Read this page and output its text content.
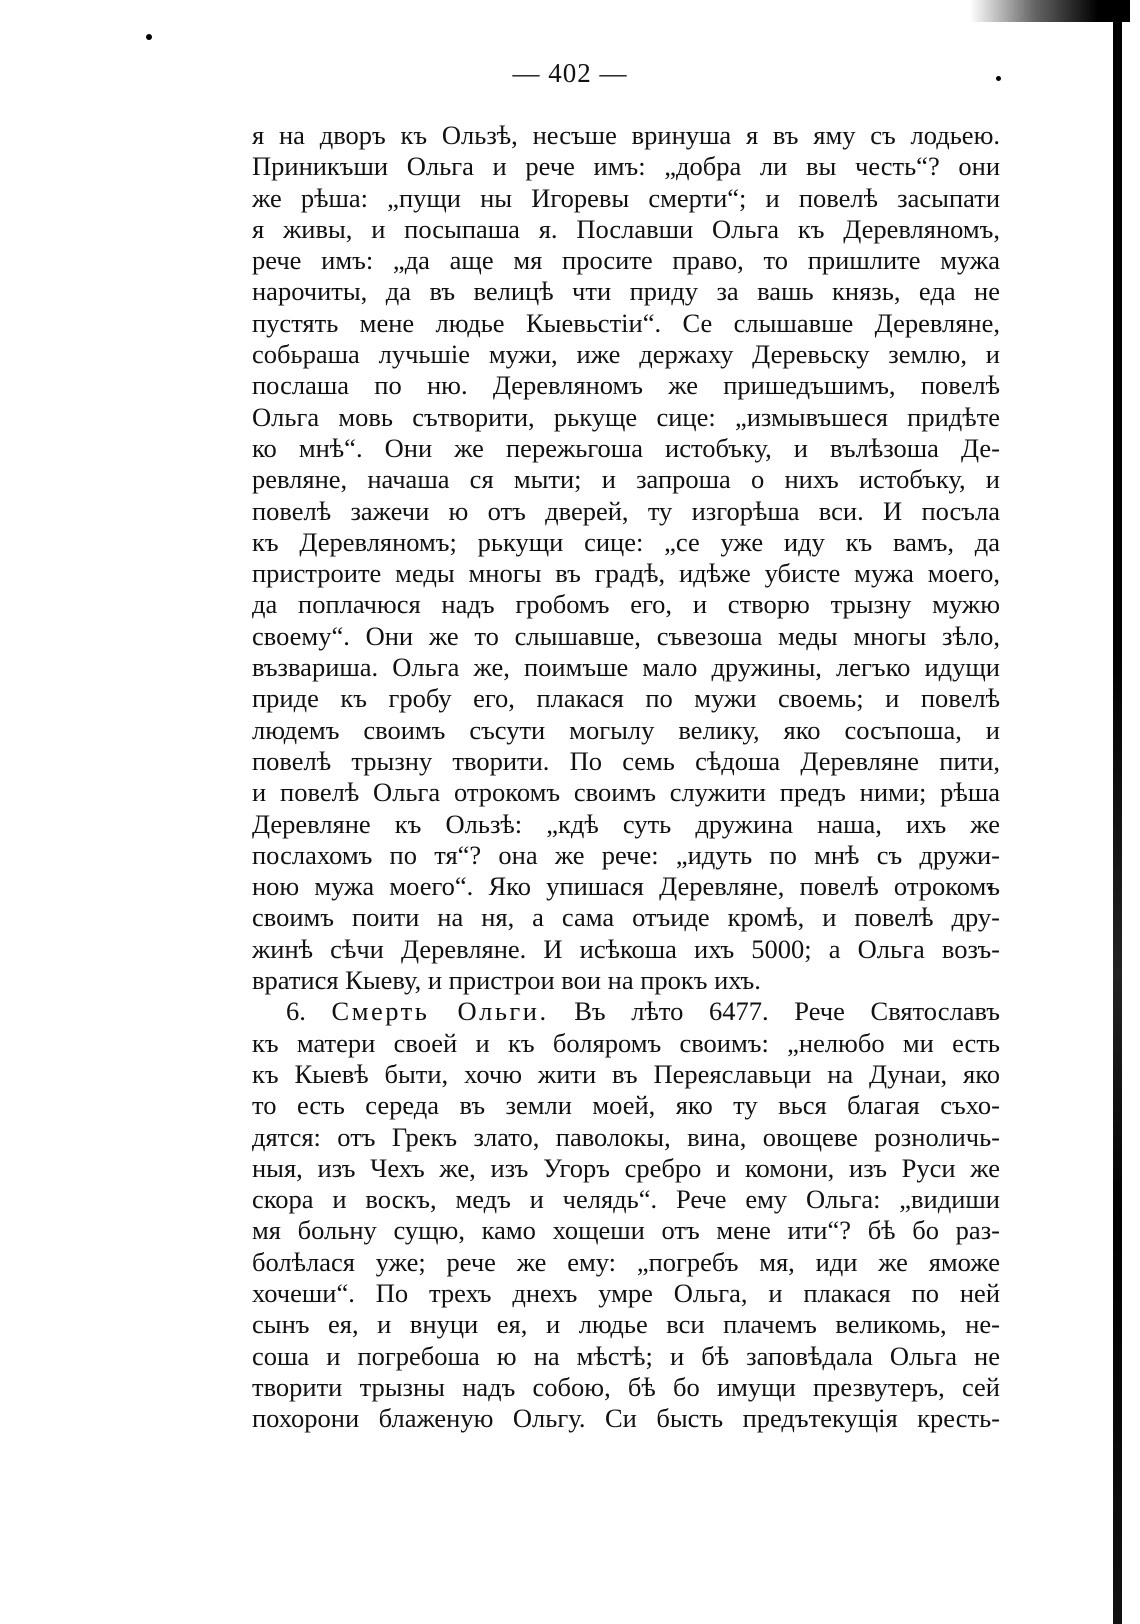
— 402 —
я на дворъ къ Ользѣ, несъше вринуша я въ яму съ лодьею.
Приникъши Ольга и рече имъ: „добра ли вы честь“? они
же рѣша: „пущи ны Игоревы смерти“; и повелѣ засыпати
я живы, и посыпаша я. Пославши Ольга къ Деревляномъ,
рече имъ: „да аще мя просите право, то пришлите мужа
нарочиты, да въ велицѣ чти приду за вашь князь, еда не
пустять мене людье Кыевьстiи“. Се слышавше Деревляне,
собьраша лучьшiе мужи, иже держаху Деревьску землю, и
послаша по ню. Деревляномъ же пришедъшимъ, повелѣ
Ольга мовь сътворити, рькуще сице: „измывъшеся придѣте
ко мнѣ“. Они же пережьгоша истобъку, и вълѣзоша Де-
ревляне, начаша ся мыти; и запроша о нихъ истобъку, и
повелѣ зажечи ю отъ дверей, ту изгорѣша вси. И посъла
къ Деревляномъ; рькущи сице: „се уже иду къ вамъ, да
пристроите меды многы въ градѣ, идѣже убисте мужа моего,
да поплачюся надъ гробомъ его, и створю трызну мужю
своему“. Они же то слышавше, съвезоша меды многы зѣло,
възвариша. Ольга же, поимъше мало дружины, легъко идущи
приде къ гробу его, плакася по мужи своемь; и повелѣ
людемъ своимъ съсути могылу велику, яко сосъпоша, и
повелѣ трызну творити. По семь сѣдоша Деревляне пити,
и повелѣ Ольга отрокомъ своимъ служити предъ ними; рѣша
Деревляне къ Ользѣ: „кдѣ суть дружина наша, ихъ же
послахомъ по тя“? она же рече: „идуть по мнѣ съ дружи-
ною мужа моего“. Яко упишася Деревляне, повелѣ отрокомъ
своимъ поити на ня, а сама отъиде кромѣ, и повелѣ дру-
жинѣ сѣчи Деревляне. И исѣкоша ихъ 5000; а Ольга возъ-
вратися Кыеву, и пристрои вои на прокъ ихъ.
6. Смерть Ольги. Въ лѣто 6477. Рече Святославъ
къ матери своей и къ боляромъ своимъ: „нелюбо ми есть
къ Кыевѣ быти, хочю жити въ Переяславьци на Дунаи, яко
то есть середа въ земли моей, яко ту вься благая съхо-
дятся: отъ Грекъ злато, паволокы, вина, овощеве розноличь-
ныя, изъ Чехъ же, изъ Угоръ сребро и комони, изъ Руси же
скора и воскъ, медъ и челядь“. Рече ему Ольга: „видиши
мя больну сущю, камо хощеши отъ мене ити“? бѣ бо раз-
болѣлася уже; рече же ему: „погребъ мя, иди же яможе
хочеши“. По трехъ днехъ умре Ольга, и плакася по ней
сынъ ея, и внуци ея, и людье вси плачемъ великомь, не-
соша и погребоша ю на мѣстѣ; и бѣ заповѣдала Ольга не
творити трызны надъ собою, бѣ бо имущи презвутеръ, сей
похорони блаженую Ольгу. Си бысть предътекущiя кресть-
